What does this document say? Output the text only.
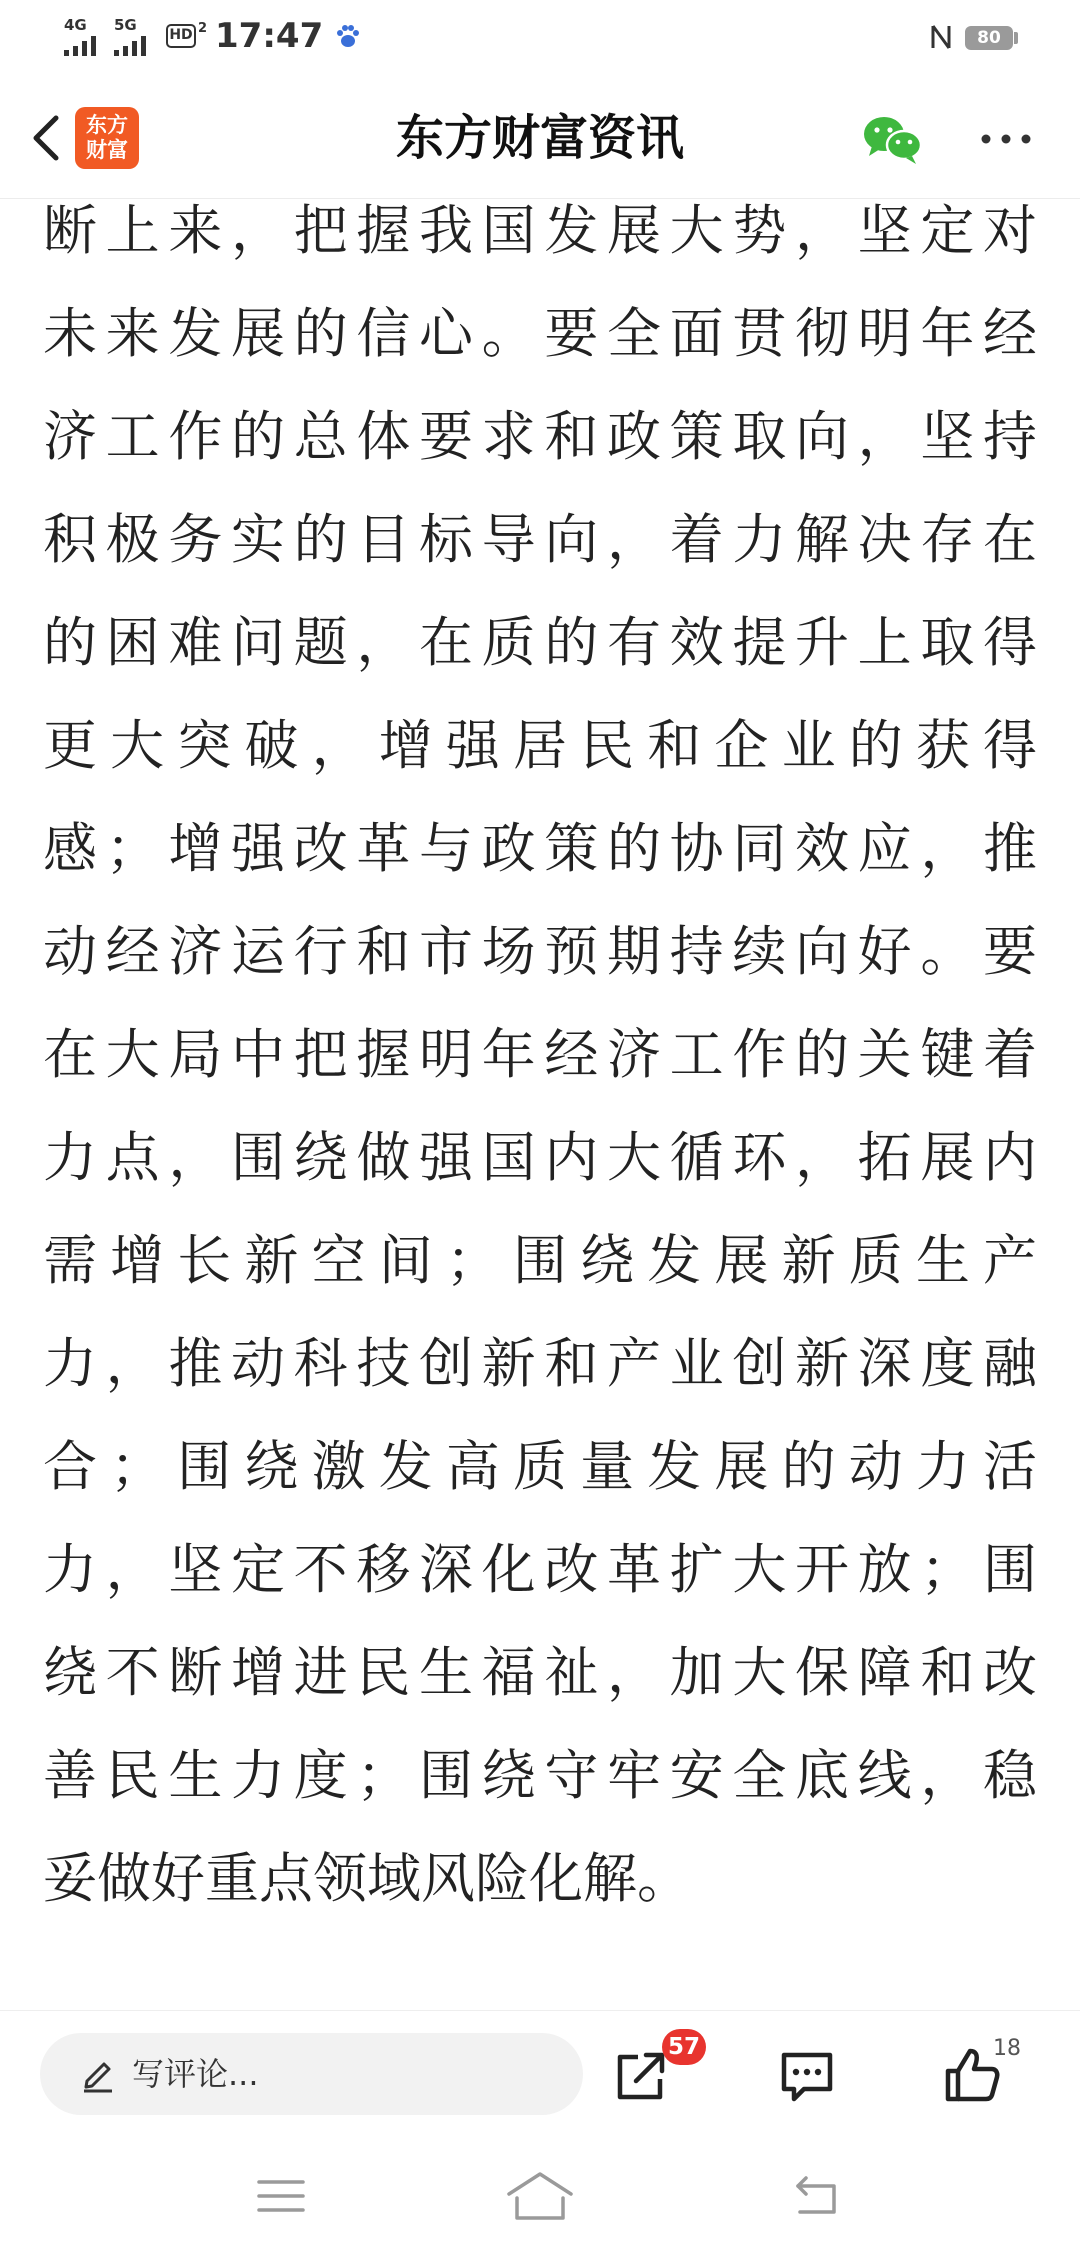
4G 5G
HD 2 17:47	80
东方
财富	东方财富资讯
断上来，把握我国发展大势，坚定对
未来发展的信心。要全面贯彻明年经
济工作的总体要求和政策取向，坚持
积极务实的目标导向，着力解决存在
的困难问题，在质的有效提升上取得
更大突破，增强居民和企业的获得
感；增强改革与政策的协同效应，推
动经济运行和市场预期持续向好。要
在大局中把握明年经济工作的关键着
力点，围绕做强国内大循环，拓展内
需增长新空间；围绕发展新质生产
力，推动科技创新和产业创新深度融
合；围绕激发高质量发展的动力活
力，坚定不移深化改革扩大开放；围
绕不断增进民生福祉，加大保障和改
善民生力度；围绕守牢安全底线，稳
妥做好重点领域风险化解。
写评论...
57	18
